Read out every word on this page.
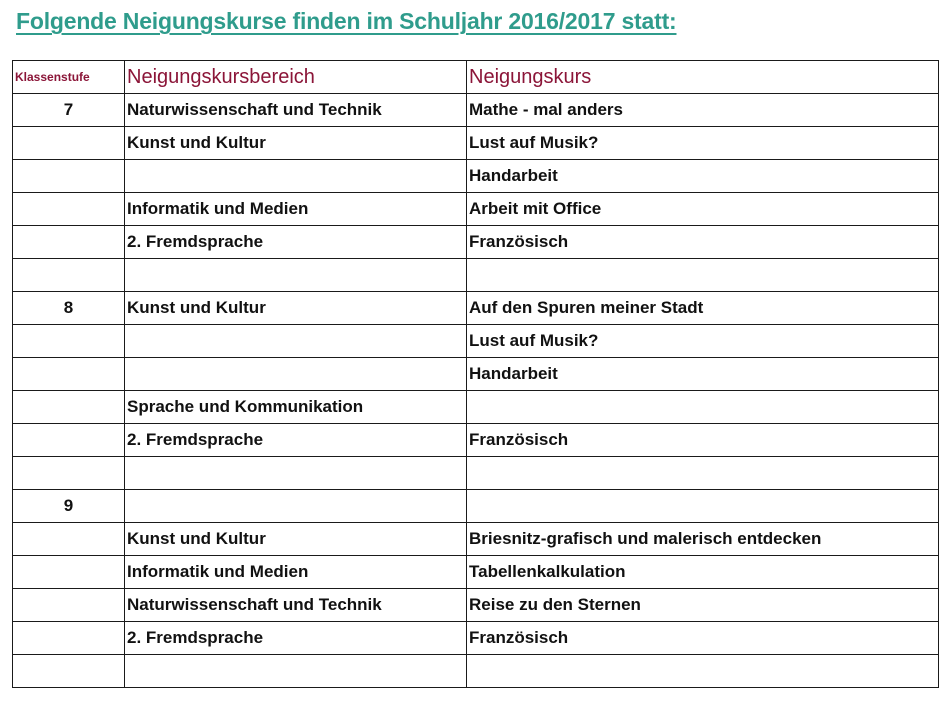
Folgende Neigungskurse finden im Schuljahr 2016/2017 statt:
Klassenstufe	Neigungskursbereich	Neigungskurs
7	Naturwissenschaft und Technik	Mathe - mal anders
	Kunst und Kultur	Lust auf Musik?
		Handarbeit
	Informatik und Medien	Arbeit mit Office
	2. Fremdsprache	Französisch

8	Kunst und Kultur	Auf den Spuren meiner Stadt
		Lust auf Musik?
		Handarbeit
	Sprache und Kommunikation	
	2. Fremdsprache	Französisch

9		
	Kunst und Kultur	Briesnitz-grafisch und malerisch entdecken
	Informatik und Medien	Tabellenkalkulation
	Naturwissenschaft und Technik	Reise zu den Sternen
	2. Fremdsprache	Französisch
